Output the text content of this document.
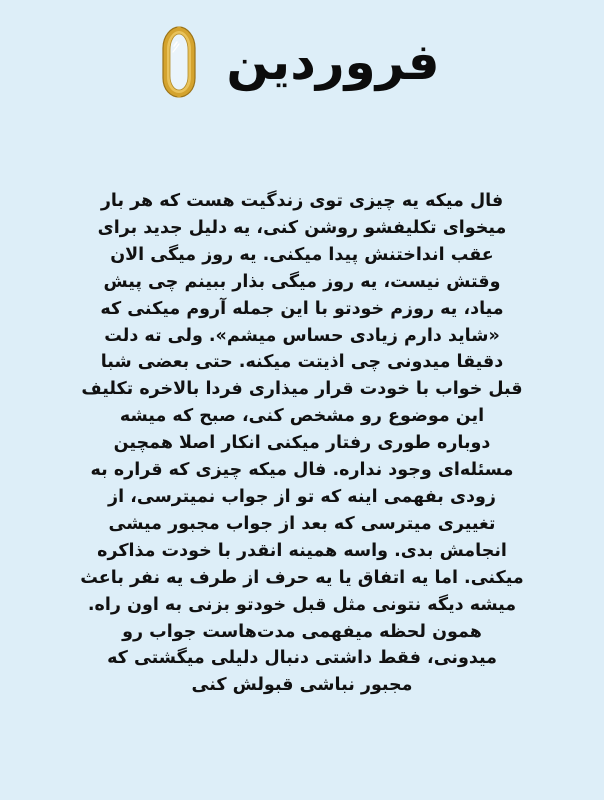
فروردین
فال میکه یه چیزی توی زندگیت هست که هر بار
میخوای تکلیفشو روشن کنی، یه دلیل جدید برای
عقب انداختنش پیدا میکنی. یه روز میگی الان
وقتش نیست، یه روز میگی بذار ببینم چی پیش
میاد، یه روزم خودتو با این جمله آروم میکنی که
«شاید دارم زیادی حساس میشم». ولی ته دلت
دقیقا میدونی چی اذیتت میکنه. حتی بعضی شبا
قبل خواب با خودت قرار میذاری فردا بالاخره تکلیف
این موضوع رو مشخص کنی، صبح که میشه
دوباره طوری رفتار میکنی انکار اصلا همچین
مسئله‌ای وجود نداره. فال میکه چیزی که قراره به
زودی بفهمی اینه که تو از جواب نمیترسی، از
تغییری میترسی که بعد از جواب مجبور میشی
انجامش بدی. واسه همینه انقدر با خودت مذاکره
میکنی. اما یه اتفاق یا یه حرف از طرف یه نفر باعث
میشه دیگه نتونی مثل قبل خودتو بزنی به اون راه.
همون لحظه میفهمی مدت‌هاست جواب رو
میدونی، فقط داشتی دنبال دلیلی میگشتی که
مجبور نباشی قبولش کنی
